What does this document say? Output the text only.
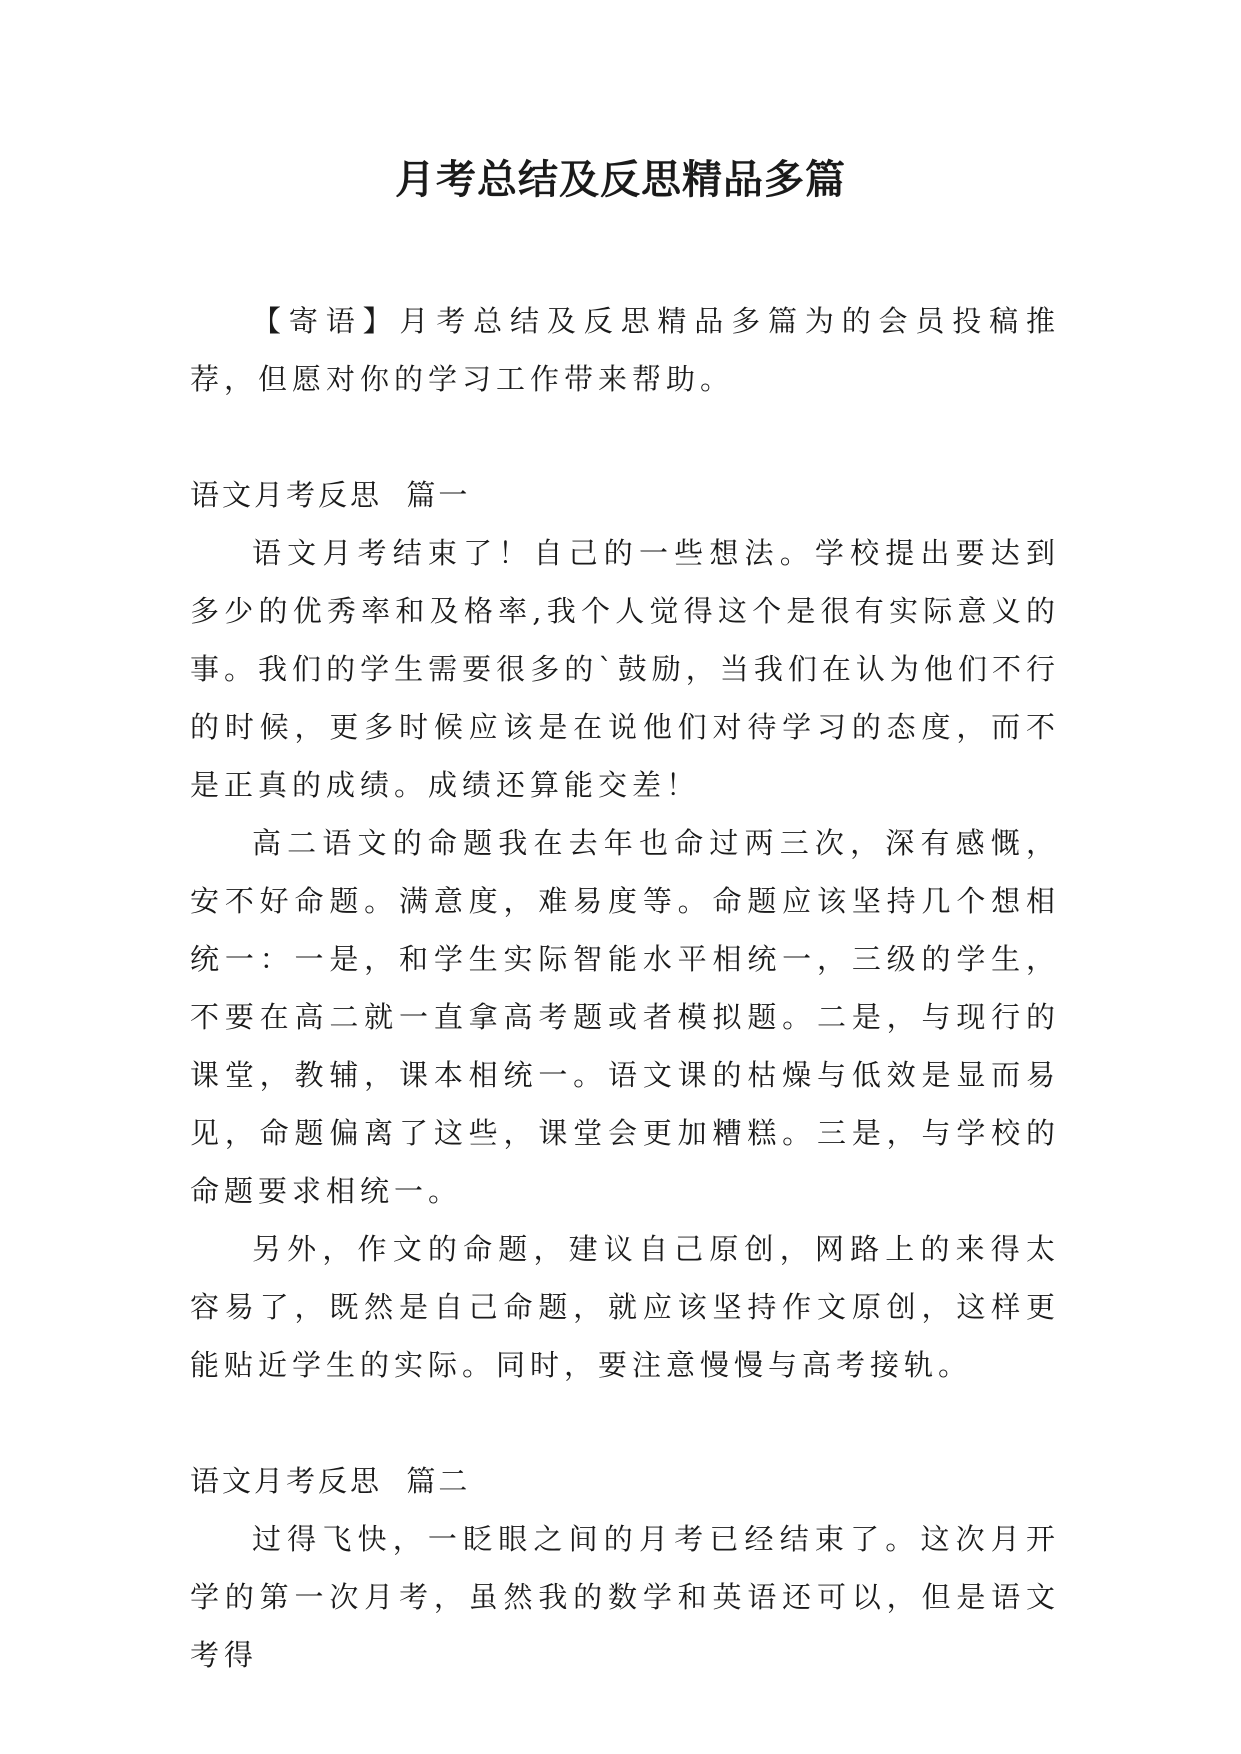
月考总结及反思精品多篇

【寄语】月考总结及反思精品多篇为的会员投稿推荐，但愿对你的学习工作带来帮助。

语文月考反思  篇一

语文月考结束了！自己的一些想法。学校提出要达到多少的优秀率和及格率,我个人觉得这个是很有实际意义的事。我们的学生需要很多的`鼓励，当我们在认为他们不行的时候，更多时候应该是在说他们对待学习的态度，而不是正真的成绩。成绩还算能交差！

高二语文的命题我在去年也命过两三次，深有感慨，安不好命题。满意度，难易度等。命题应该坚持几个想相统一：一是，和学生实际智能水平相统一，三级的学生，不要在高二就一直拿高考题或者模拟题。二是，与现行的课堂，教辅，课本相统一。语文课的枯燥与低效是显而易见，命题偏离了这些，课堂会更加糟糕。三是，与学校的命题要求相统一。

另外，作文的命题，建议自己原创，网路上的来得太容易了，既然是自己命题，就应该坚持作文原创，这样更能贴近学生的实际。同时，要注意慢慢与高考接轨。

语文月考反思  篇二

过得飞快，一眨眼之间的月考已经结束了。这次月开学的第一次月考，虽然我的数学和英语还可以，但是语文考得
